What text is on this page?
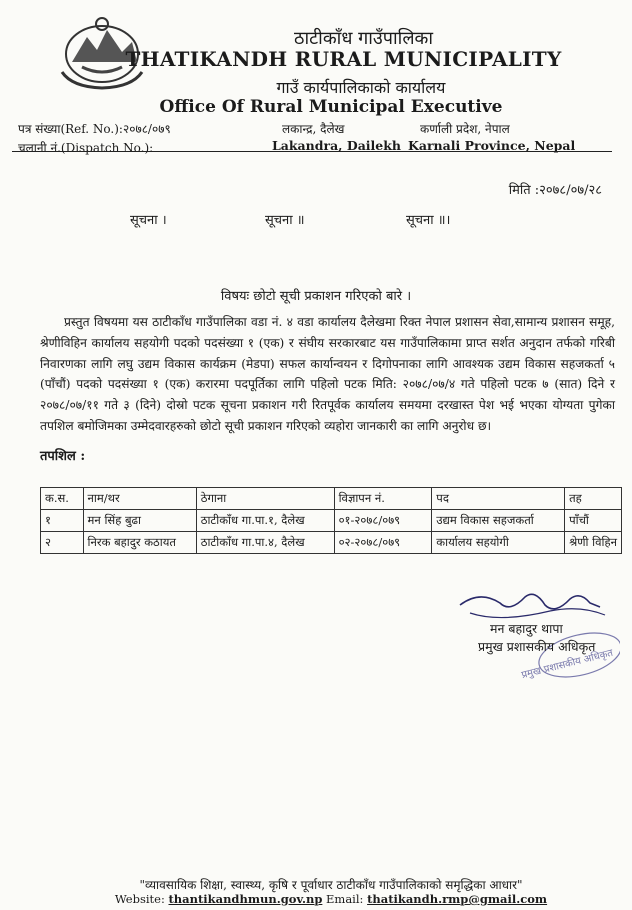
ठाटीकाँध गाउँपालिका
THATIKANDH RURAL MUNICIPALITY
गाउँ कार्यपालिकाको कार्यालय
Office Of Rural Municipal Executive
पत्र संख्या(Ref. No.):२०७८/०७९
चलानी नं.(Dispatch No.):
लकान्द्र, दैलेख
Lakandra, Dailekh
कर्णाली प्रदेश, नेपाल
Karnali Province, Nepal
मिति :२०७८/०७/२८
सूचना ।	सूचना ॥	सूचना ॥।
विषयः छोटो सूची प्रकाशन गरिएको बारे ।
प्रस्तुत विषयमा यस ठाटीकाँध गाउँपालिका वडा नं. ४ वडा कार्यालय दैलेखमा रिक्त नेपाल प्रशासन सेवा,सामान्य प्रशासन समूह, श्रेणीविहिन कार्यालय सहयोगी पदको पदसंख्या १ (एक) र संघीय सरकारबाट यस गाउँपालिकामा प्राप्त सर्शत अनुदान तर्फको गरिबी निवारणका लागि लघु उद्यम विकास कार्यक्रम (मेडपा) सफल कार्यान्वयन र दिगोपनाका लागि आवश्यक उद्यम विकास सहजकर्ता ५ (पाँचौं) पदको पदसंख्या १ (एक) करारमा पदपूर्तिका लागि पहिलो पटक मिति: २०७८/०७/४ गते पहिलो पटक ७ (सात) दिने र २०७८/०७/११ गते ३ (दिने) दोस्रो पटक सूचना प्रकाशन गरी रितपूर्वक कार्यालय समयमा दरखास्त पेश भई भएका योग्यता पुगेका तपशिल बमोजिमका उम्मेदवारहरुको छोटो सूची प्रकाशन गरिएको व्यहोरा जानकारी का लागि अनुरोध छ।
तपशिल :
क.स.	नाम/थर	ठेगाना	विज्ञापन नं.	पद	तह
१	मन सिंह बुढा	ठाटीकाँध गा.पा.१, दैलेख	०१-२०७८/०७९	उद्यम विकास सहजकर्ता	पाँचौं
२	निरक बहादुर कठायत	ठाटीकाँध गा.पा.४, दैलेख	०२-२०७८/०७९	कार्यालय सहयोगी	श्रेणी विहिन
प्रमुख प्रशासकीय अधिकृत
मन बहादुर थापा
प्रमुख प्रशासकीय अधिकृत
"व्यावसायिक शिक्षा, स्वास्थ्य, कृषि र पूर्वाधार ठाटीकाँध गाउँपालिकाको समृद्धिका आधार"
Website: thantikandhmun.gov.np Email: thatikandh.rmp@gmail.com
